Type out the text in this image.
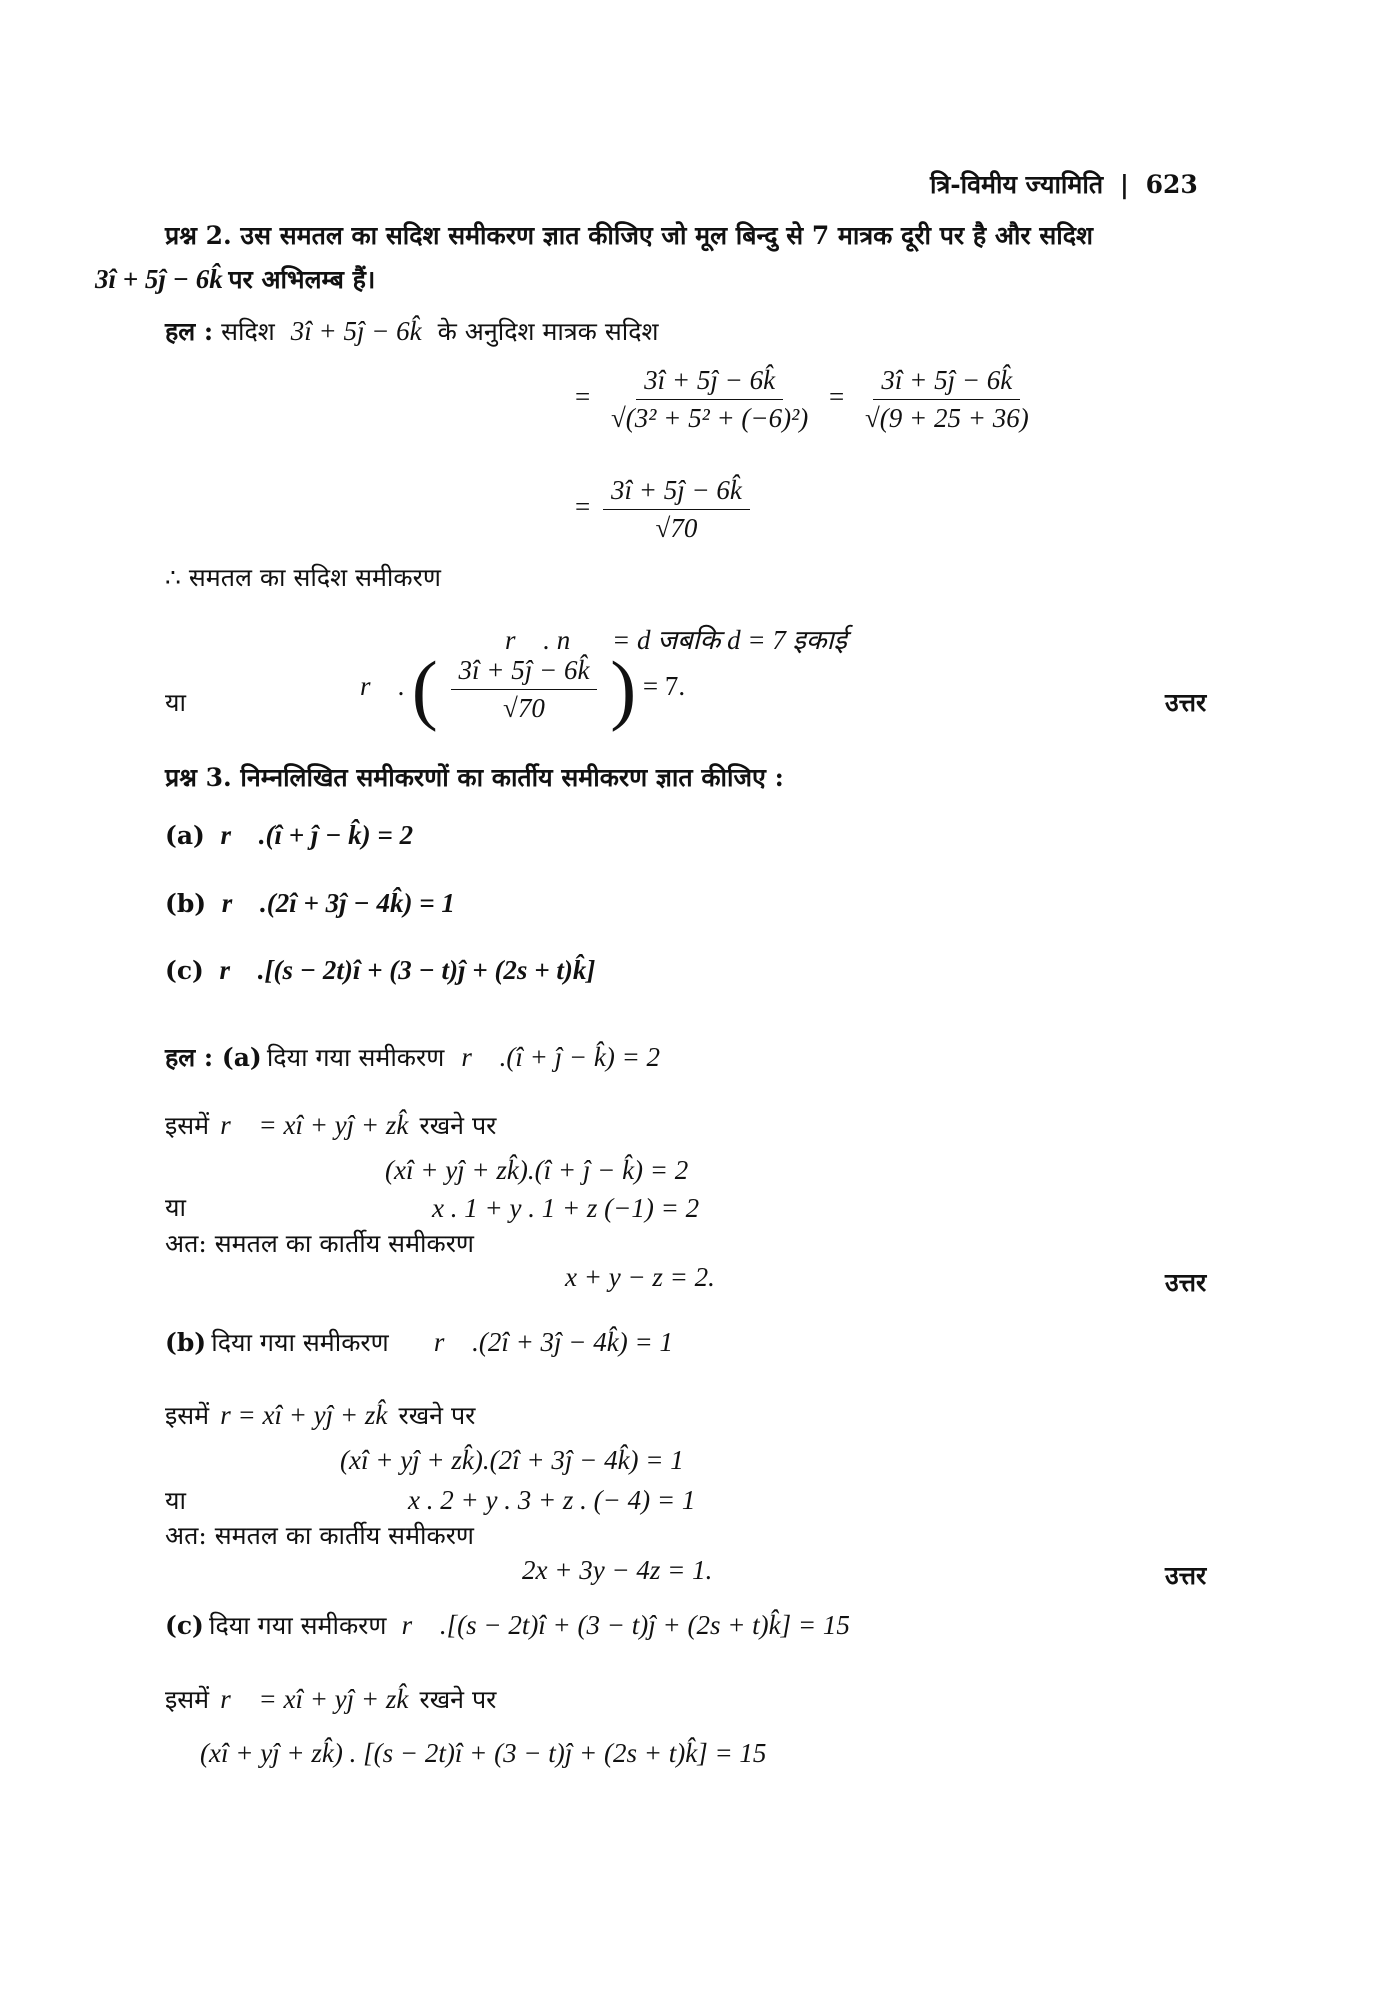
त्रि-विमीय ज्यामिति | 623
प्रश्न 2. उस समतल का सदिश समीकरण ज्ञात कीजिए जो मूल बिन्दु से 7 मात्रक दूरी पर है और सदिश
3î + 5ĵ − 6k̂ पर अभिलम्ब हैं।
हल : सदिश 3î + 5ĵ − 6k̂ के अनुदिश मात्रक सदिश
= $\frac{3î + 5ĵ - 6k̂}{\text{√(3² + 5² + (−6)²)}} = \frac{3î + 5ĵ - 6k̂}{√(9 + 25 + 36)}$
= $\frac{3î + 5ĵ - 6k̂}{√70}$
∴ समतल का सदिश समीकरण
r⃗ . n⃗ = d जबकि d = 7 इकाई
या
r⃗ . ( $\frac{3î + 5ĵ - 6k̂}{√70}$ ) = 7.
उत्तर
प्रश्न 3. निम्नलिखित समीकरणों का कार्तीय समीकरण ज्ञात कीजिए :
(a) r⃗ .(î + ĵ − k̂) = 2
(b) r⃗ .(2î + 3ĵ − 4k̂) = 1
(c) r⃗ .[(s − 2t)î + (3 − t)ĵ + (2s + t)k̂]
हल : (a) दिया गया समीकरण r⃗ .(î + ĵ − k̂) = 2
इसमें r⃗ = xî + yĵ + zk̂ रखने पर
(xî + yĵ + zk̂).(î + ĵ − k̂) = 2
या	x . 1 + y . 1 + z (−1) = 2
अत: समतल का कार्तीय समीकरण
x + y − z = 2.	उत्तर
(b) दिया गया समीकरण r⃗ .(2î + 3ĵ − 4k̂) = 1
इसमें r = xî + yĵ + zk̂ रखने पर
(xî + yĵ + zk̂).(2î + 3ĵ − 4k̂) = 1
या	x . 2 + y . 3 + z . (− 4) = 1
अत: समतल का कार्तीय समीकरण
2x + 3y − 4z = 1.	उत्तर
(c) दिया गया समीकरण r⃗ .[(s − 2t)î + (3 − t)ĵ + (2s + t)k̂] = 15
इसमें r⃗ = xî + yĵ + zk̂ रखने पर
(xî + yĵ + zk̂) . [(s − 2t)î + (3 − t)ĵ + (2s + t)k̂] = 15
